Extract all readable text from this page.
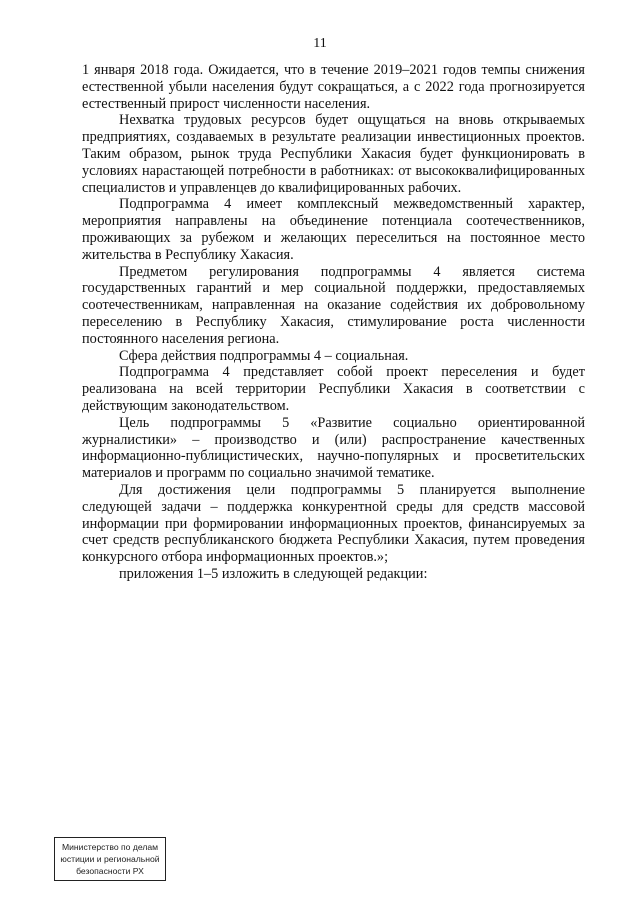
11

1 января 2018 года. Ожидается, что в течение 2019–2021 годов темпы снижения естественной убыли населения будут сокращаться, а с 2022 года прогнозируется естественный прирост численности населения.

Нехватка трудовых ресурсов будет ощущаться на вновь открываемых предприятиях, создаваемых в результате реализации инвестиционных проектов. Таким образом, рынок труда Республики Хакасия будет функционировать в условиях нарастающей потребности в работниках: от высококвалифицированных специалистов и управленцев до квалифицированных рабочих.

Подпрограмма 4 имеет комплексный межведомственный характер, мероприятия направлены на объединение потенциала соотечественников, проживающих за рубежом и желающих переселиться на постоянное место жительства в Республику Хакасия.

Предметом регулирования подпрограммы 4 является система государственных гарантий и мер социальной поддержки, предоставляемых соотечественникам, направленная на оказание содействия их добровольному переселению в Республику Хакасия, стимулирование роста численности постоянного населения региона.

Сфера действия подпрограммы 4 – социальная.

Подпрограмма 4 представляет собой проект переселения и будет реализована на всей территории Республики Хакасия в соответствии с действующим законодательством.

Цель подпрограммы 5 «Развитие социально ориентированной журналистики» – производство и (или) распространение качественных информационно-публицистических, научно-популярных и просветительских материалов и программ по социально значимой тематике.

Для достижения цели подпрограммы 5 планируется выполнение следующей задачи – поддержка конкурентной среды для средств массовой информации при формировании информационных проектов, финансируемых за счет средств республиканского бюджета Республики Хакасия, путем проведения конкурсного отбора информационных проектов.»;

приложения 1–5 изложить в следующей редакции:

Министерство по делам
юстиции и региональной
безопасности РХ
